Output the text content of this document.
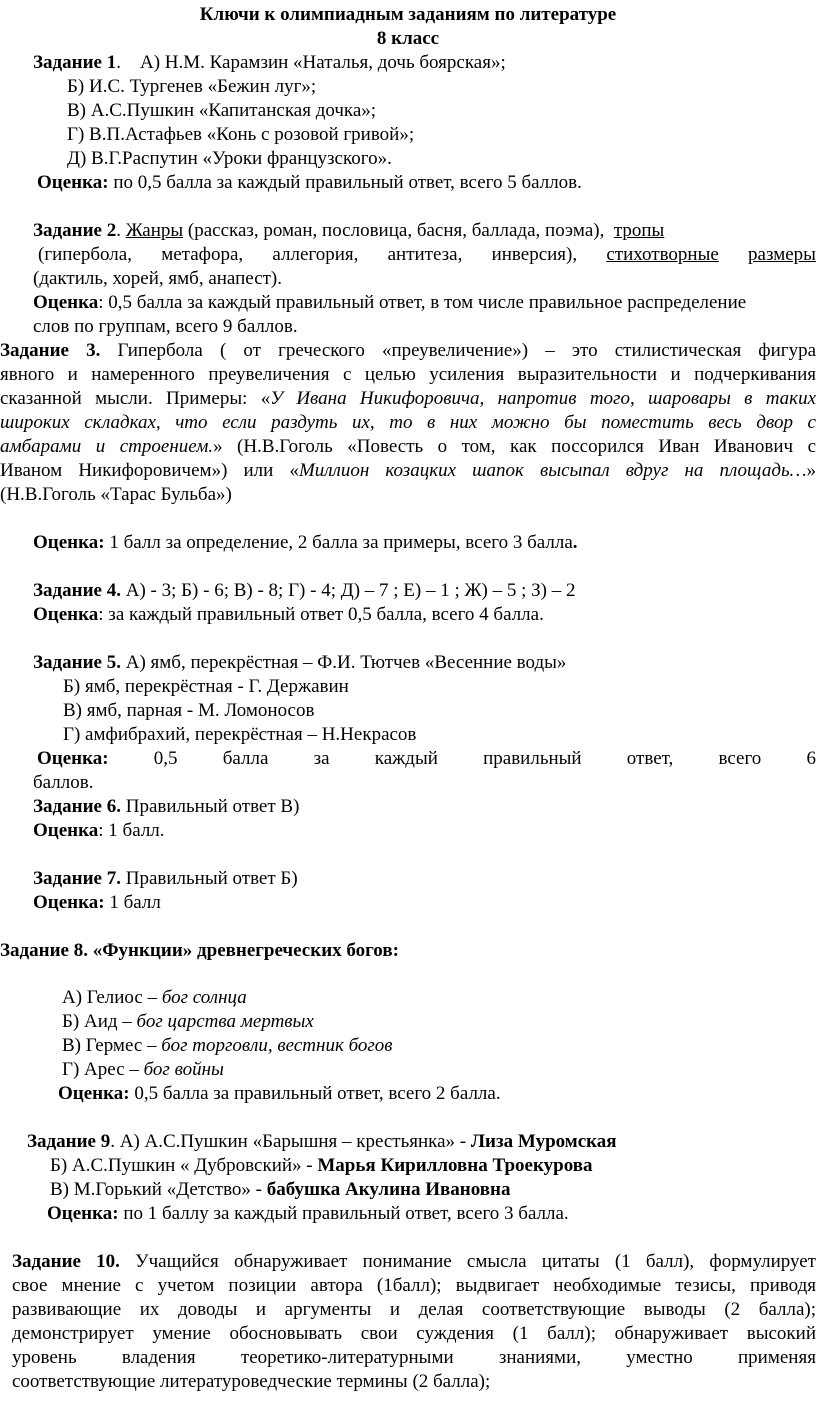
Ключи к олимпиадным заданиям по литературе
8 класс
Задание 1.    А) Н.М. Карамзин «Наталья, дочь боярская»;
Б) И.С. Тургенев «Бежин луг»;
В) А.С.Пушкин «Капитанская дочка»;
Г) В.П.Астафьев «Конь с розовой гривой»;
Д) В.Г.Распутин «Уроки французского».
Оценка: по 0,5 балла за каждый правильный ответ, всего 5 баллов.
Задание 2. Жанры (рассказ, роман, пословица, басня, баллада, поэма),  тропы
(гипербола, метафора, аллегория, антитеза, инверсия), стихотворные размеры
(дактиль, хорей, ямб, анапест).
Оценка: 0,5 балла за каждый правильный ответ, в том числе правильное распределение
слов по группам, всего 9 баллов.
Задание 3. Гипербола ( от греческого «преувеличение») – это стилистическая фигура
явного и намеренного преувеличения с целью усиления выразительности и подчеркивания
сказанной мысли. Примеры: «У Ивана Никифоровича, напротив того, шаровары в таких
широких складках, что если раздуть их, то в них можно бы поместить весь двор с
амбарами и строением.» (Н.В.Гоголь «Повесть о том, как поссорился Иван Иванович с
Иваном Никифоровичем») или «Миллион козацких шапок высыпал вдруг на площадь…»
(Н.В.Гоголь «Тарас Бульба»)
Оценка: 1 балл за определение, 2 балла за примеры, всего 3 балла.
Задание 4. А) - 3; Б) - 6; В) - 8; Г) - 4; Д) – 7 ; Е) – 1 ; Ж) – 5 ; З) – 2
Оценка: за каждый правильный ответ 0,5 балла, всего 4 балла.
Задание 5. А) ямб, перекрёстная – Ф.И. Тютчев «Весенние воды»
Б) ямб, перекрёстная - Г. Державин
В) ямб, парная - М. Ломоносов
Г) амфибрахий, перекрёстная – Н.Некрасов
Оценка: 0,5 балла за каждый правильный ответ, всего 6
баллов.
Задание 6. Правильный ответ В)
Оценка: 1 балл.
Задание 7. Правильный ответ Б)
Оценка: 1 балл
Задание 8. «Функции» древнегреческих богов:
А) Гелиос – бог солнца
Б) Аид – бог царства мертвых
В) Гермес – бог торговли, вестник богов
Г) Арес – бог войны
Оценка: 0,5 балла за правильный ответ, всего 2 балла.
Задание 9. А) А.С.Пушкин «Барышня – крестьянка» - Лиза Муромская
Б) А.С.Пушкин « Дубровский» - Марья Кирилловна Троекурова
В) М.Горький «Детство» - бабушка Акулина Ивановна
Оценка: по 1 баллу за каждый правильный ответ, всего 3 балла.
Задание 10. Учащийся обнаруживает понимание смысла цитаты (1 балл), формулирует
свое мнение с учетом позиции автора (1балл); выдвигает необходимые тезисы, приводя
развивающие их доводы и аргументы и делая соответствующие выводы (2 балла);
демонстрирует умение обосновывать свои суждения (1 балл); обнаруживает высокий
уровень владения теоретико-литературными знаниями, уместно применяя
соответствующие литературоведческие термины (2 балла);
